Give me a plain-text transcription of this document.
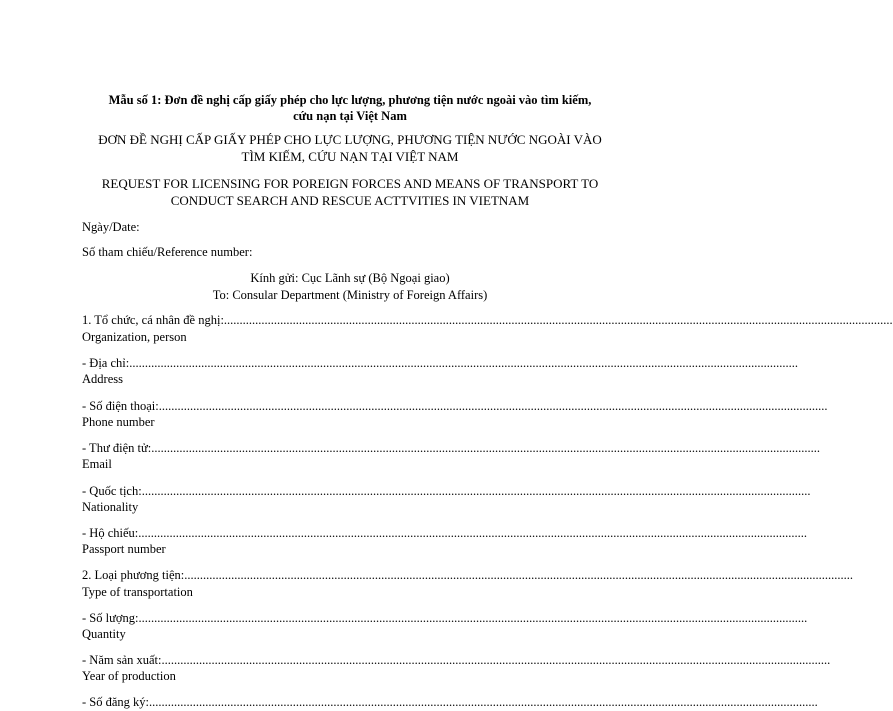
Mẫu số 1: Đơn đề nghị cấp giấy phép cho lực lượng, phương tiện nước ngoài vào tìm kiếm,
cứu nạn tại Việt Nam
ĐƠN ĐỀ NGHỊ CẤP GIẤY PHÉP CHO LỰC LƯỢNG, PHƯƠNG TIỆN NƯỚC NGOÀI VÀO
TÌM KIẾM, CỨU NẠN TẠI VIỆT NAM
REQUEST FOR LICENSING FOR POREIGN FORCES AND MEANS OF TRANSPORT TO
CONDUCT SEARCH AND RESCUE ACTTVITIES IN VIETNAM
Ngày/Date:
Số tham chiếu/Reference number:
Kính gửi: Cục Lãnh sự (Bộ Ngoại giao)
To: Consular Department (Ministry of Foreign Affairs)
1. Tổ chức, cá nhân đề nghị: ......................................................................................................................................................................................................................
Organization, person
- Địa chỉ: ......................................................................................................................................................................................................................
Address
- Số điện thoại: ......................................................................................................................................................................................................................
Phone number
- Thư điện tử: ......................................................................................................................................................................................................................
Email
- Quốc tịch: ......................................................................................................................................................................................................................
Nationality
- Hộ chiếu: ......................................................................................................................................................................................................................
Passport number
2. Loại phương tiện: ......................................................................................................................................................................................................................
Type of transportation
- Số lượng: ......................................................................................................................................................................................................................
Quantity
- Năm sản xuất: ......................................................................................................................................................................................................................
Year of production
- Số đăng ký: ......................................................................................................................................................................................................................
